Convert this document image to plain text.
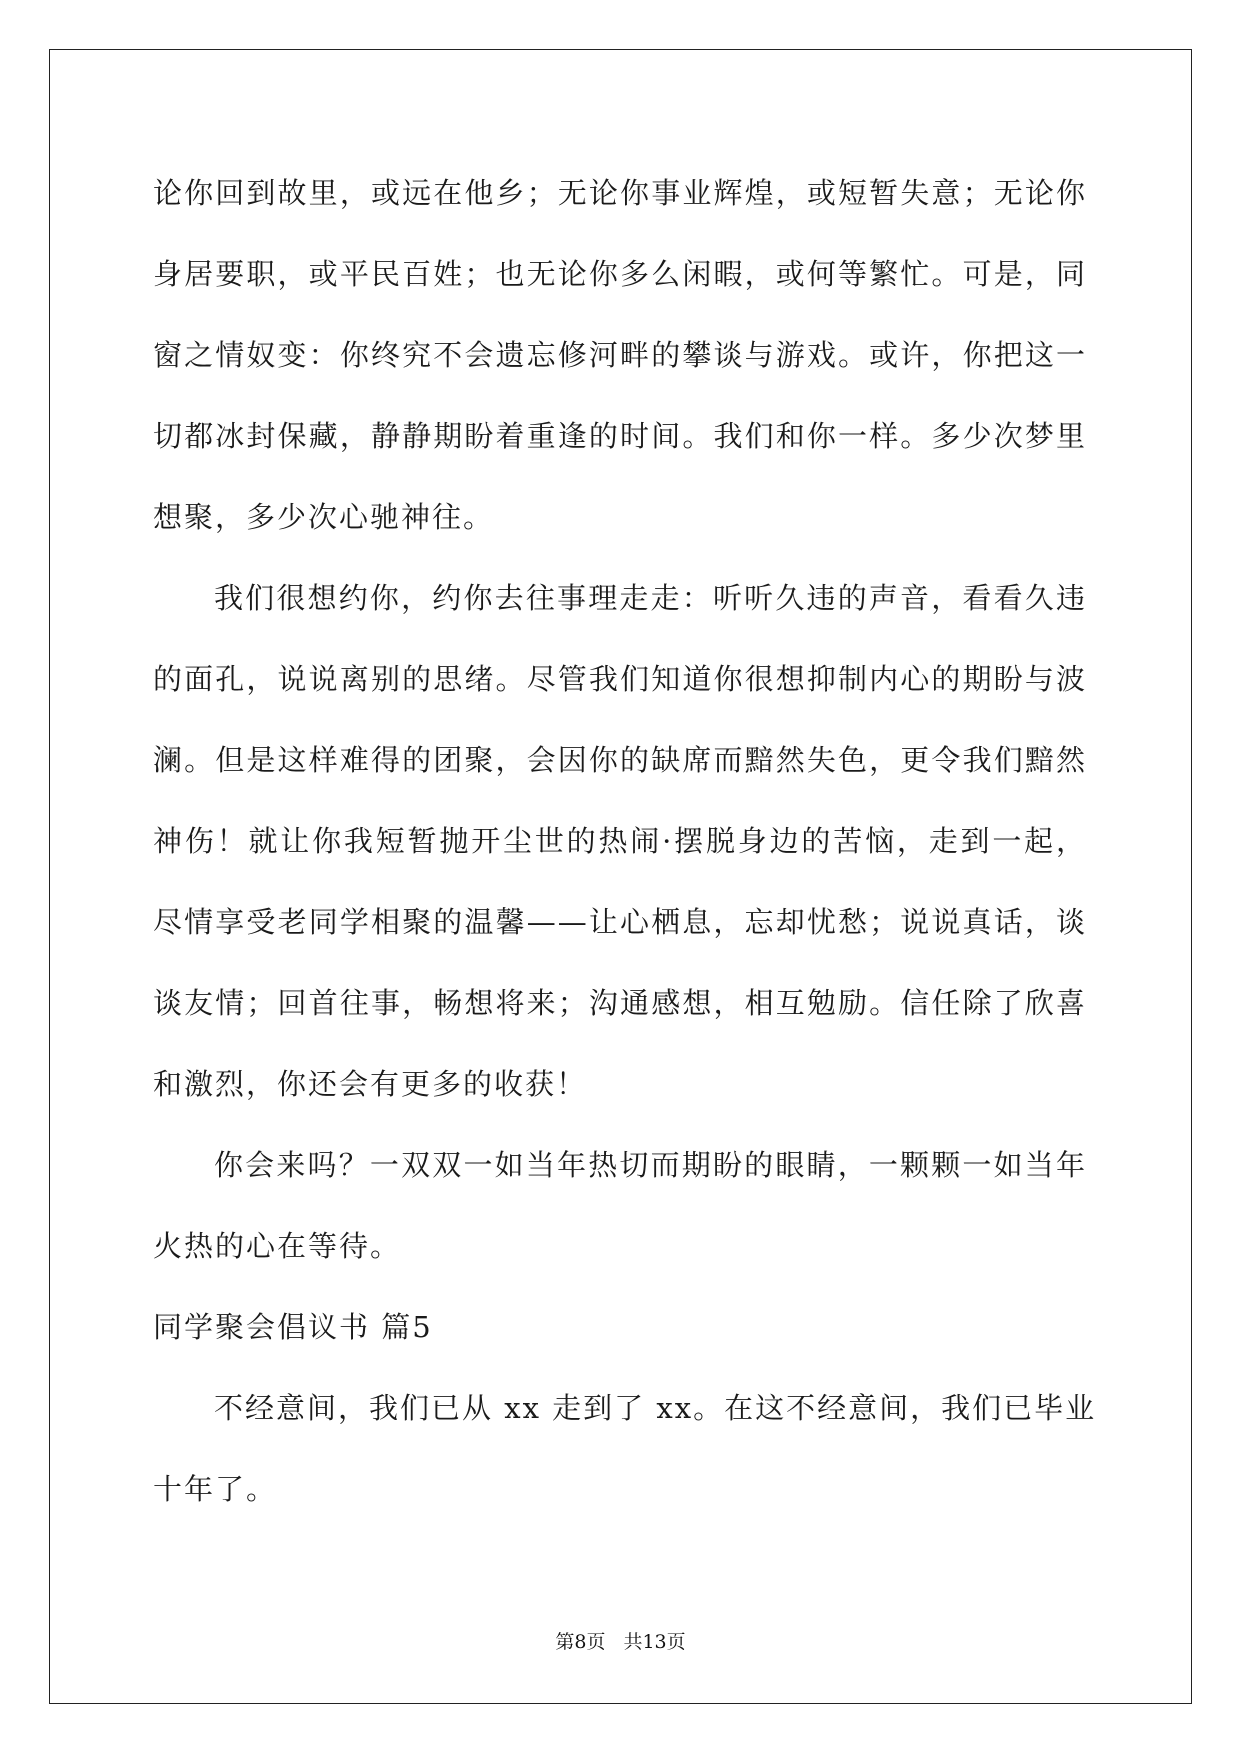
论你回到故里，或远在他乡；无论你事业辉煌，或短暂失意；无论你
身居要职，或平民百姓；也无论你多么闲暇，或何等繁忙。可是，同
窗之情奴变：你终究不会遗忘修河畔的攀谈与游戏。或许，你把这一
切都冰封保藏，静静期盼着重逢的时间。我们和你一样。多少次梦里
想聚，多少次心驰神往。
我们很想约你，约你去往事理走走：听听久违的声音，看看久违
的面孔，说说离别的思绪。尽管我们知道你很想抑制内心的期盼与波
澜。但是这样难得的团聚，会因你的缺席而黯然失色，更令我们黯然
神伤！就让你我短暂抛开尘世的热闹·摆脱身边的苦恼，走到一起，
尽情享受老同学相聚的温馨——让心栖息，忘却忧愁；说说真话，谈
谈友情；回首往事，畅想将来；沟通感想，相互勉励。信任除了欣喜
和激烈，你还会有更多的收获！
你会来吗？一双双一如当年热切而期盼的眼睛，一颗颗一如当年
火热的心在等待。
同学聚会倡议书 篇5
不经意间，我们已从 xx 走到了 xx。在这不经意间，我们已毕业
十年了。
第8页 共13页
